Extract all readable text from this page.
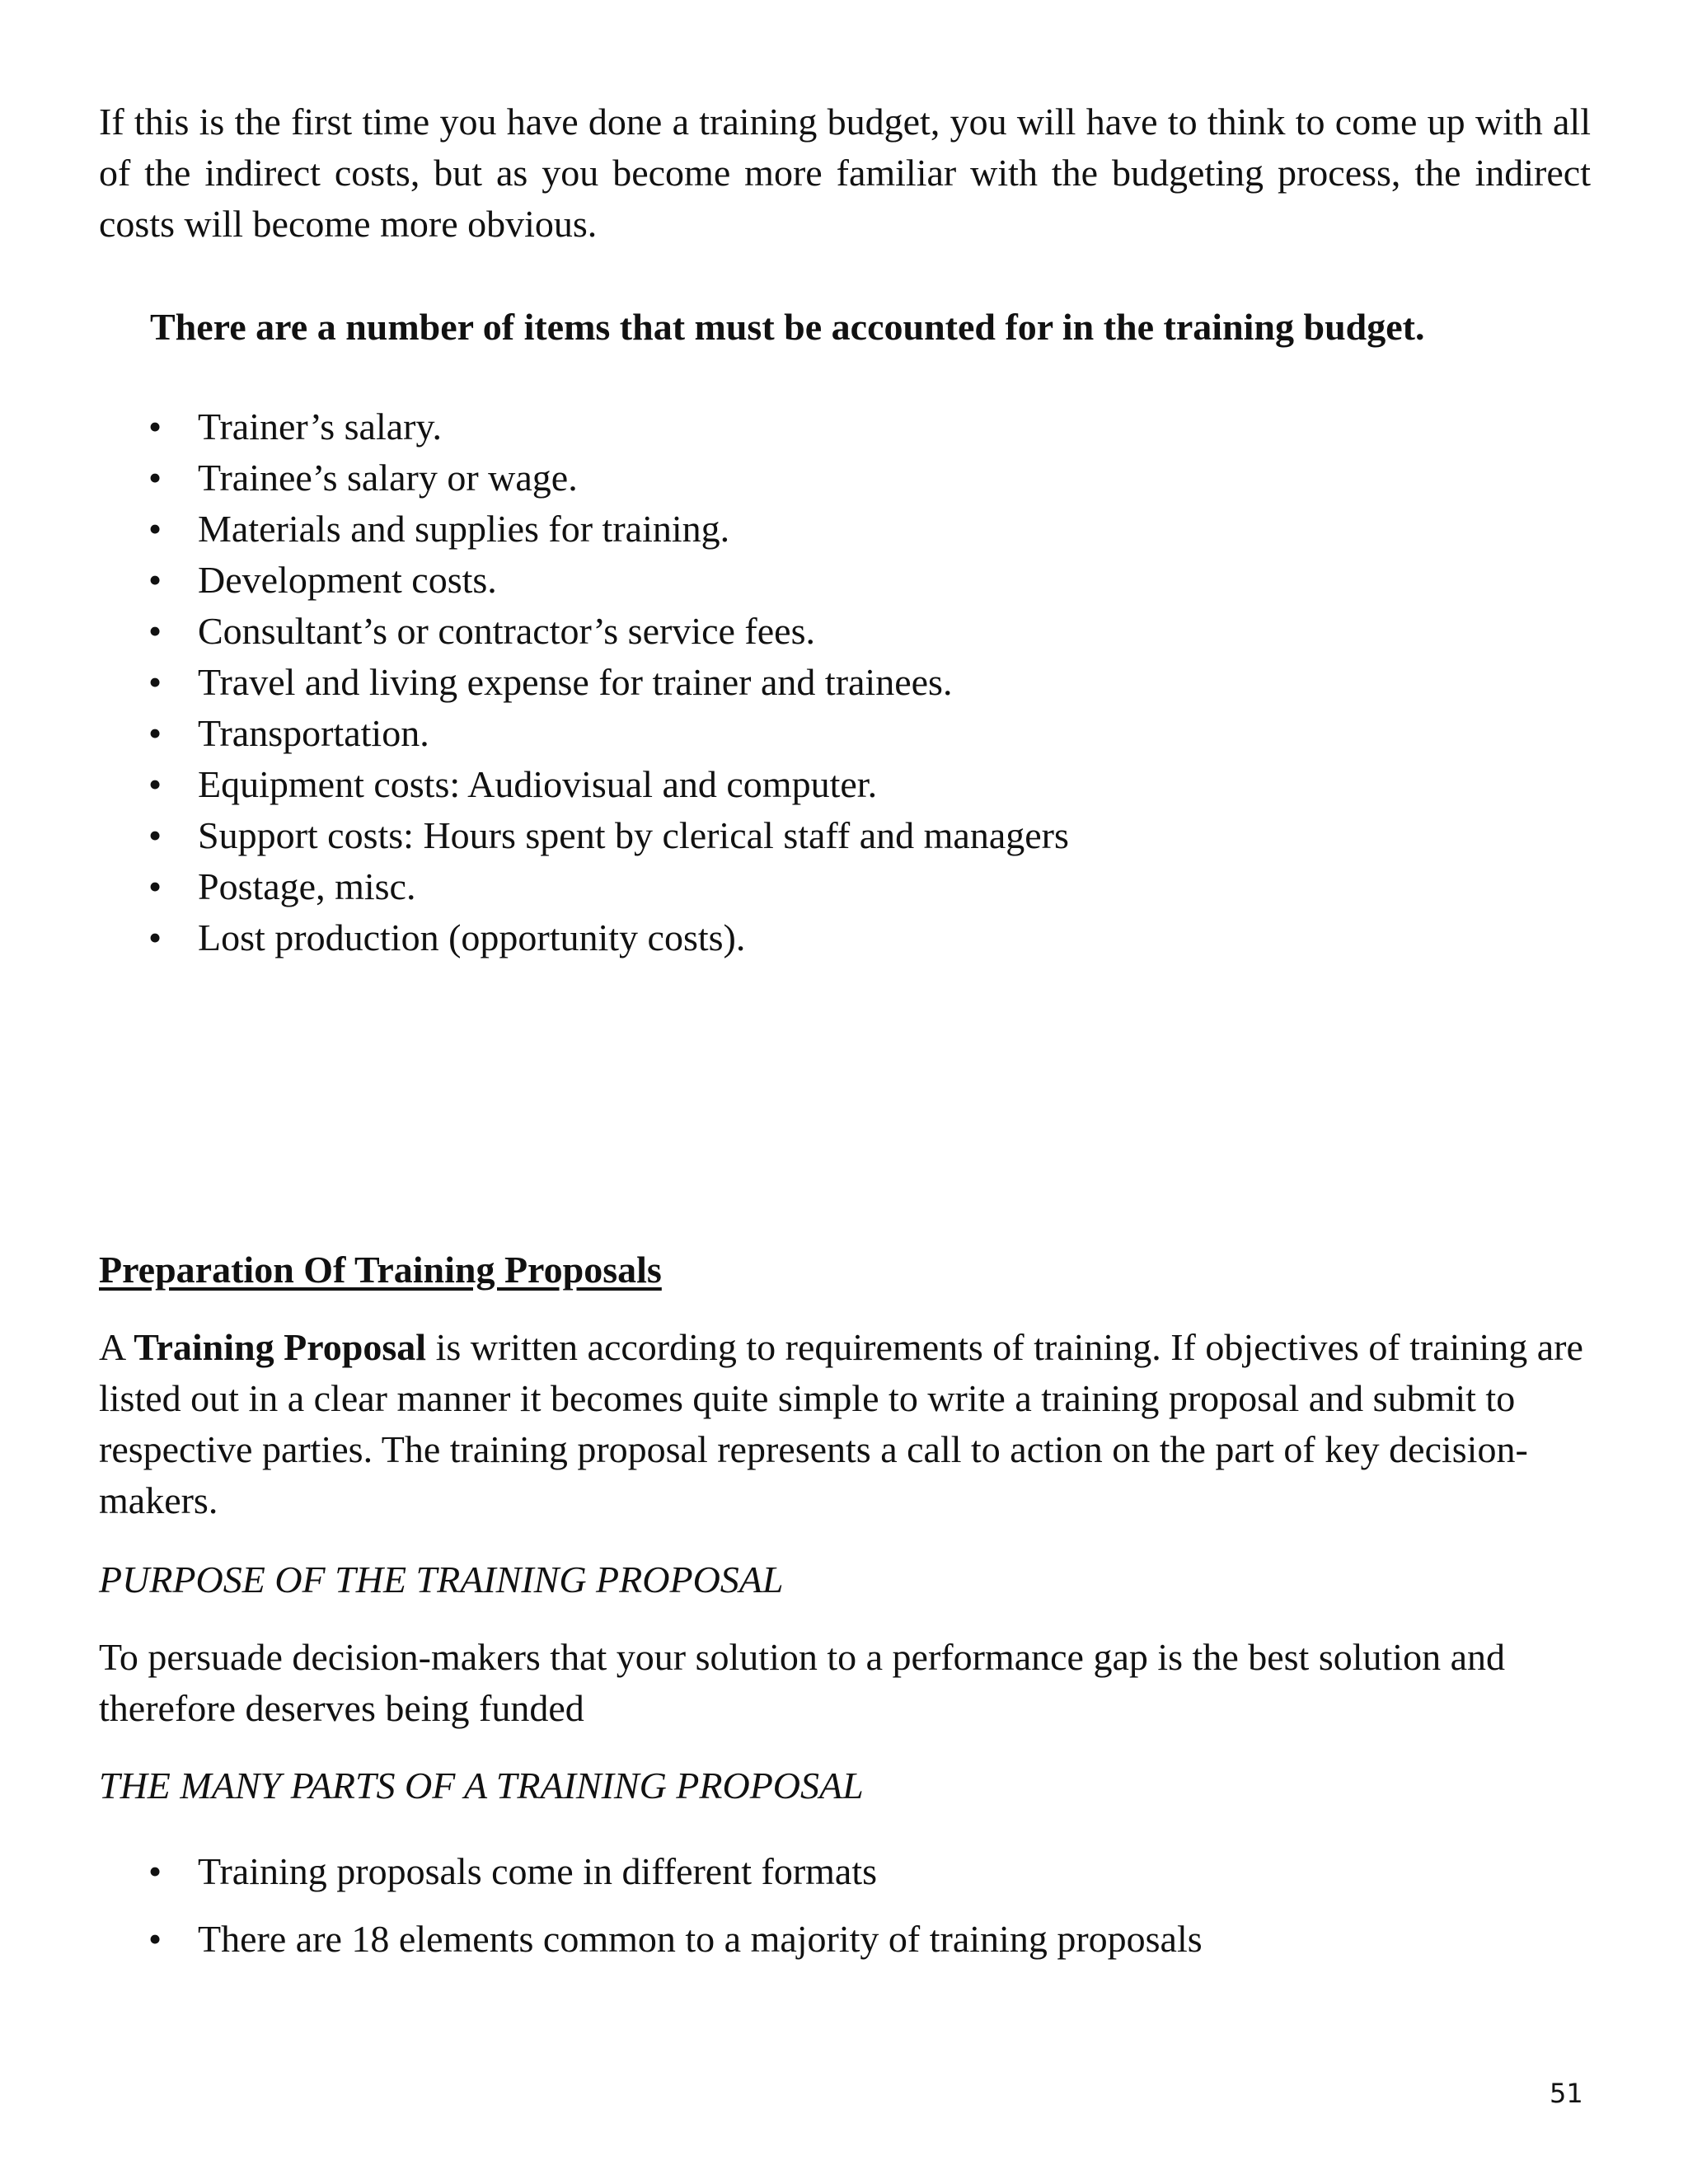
If this is the first time you have done a training budget, you will have to think to come up with all of the indirect costs, but as you become more familiar with the budgeting process, the indirect costs will become more obvious.

There are a number of items that must be accounted for in the training budget.

• Trainer’s salary.
• Trainee’s salary or wage.
• Materials and supplies for training.
• Development costs.
• Consultant’s or contractor’s service fees.
• Travel and living expense for trainer and trainees.
• Transportation.
• Equipment costs: Audiovisual and computer.
• Support costs: Hours spent by clerical staff and managers
• Postage, misc.
• Lost production (opportunity costs).

Preparation Of Training Proposals

A Training Proposal is written according to requirements of training. If objectives of training are listed out in a clear manner it becomes quite simple to write a training proposal and submit to respective parties. The training proposal represents a call to action on the part of key decision-makers.

PURPOSE OF THE TRAINING PROPOSAL

To persuade decision-makers that your solution to a performance gap is the best solution and therefore deserves being funded

THE MANY PARTS OF A TRAINING PROPOSAL

• Training proposals come in different formats
• There are 18 elements common to a majority of training proposals

51
